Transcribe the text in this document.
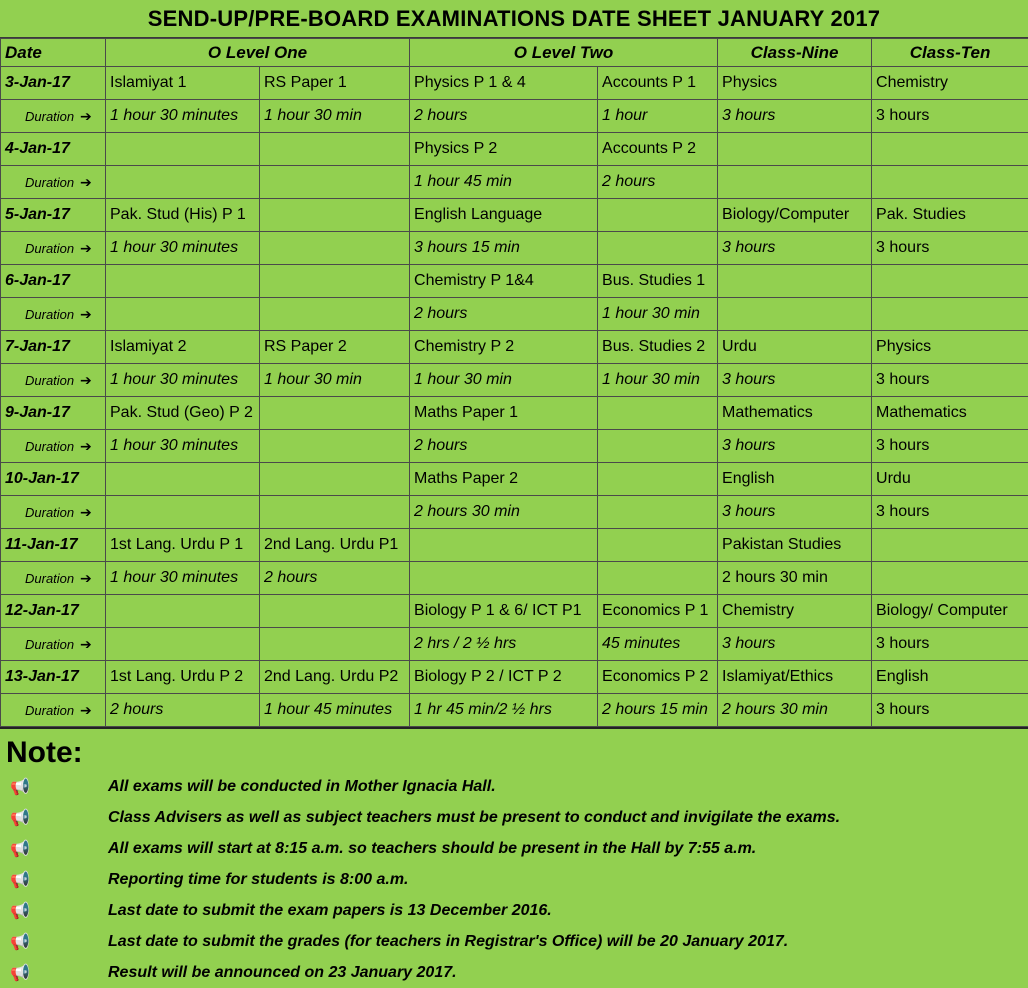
SEND-UP/PRE-BOARD EXAMINATIONS DATE SHEET JANUARY 2017
Date	O Level One		O Level Two		Class-Nine	Class-Ten
3-Jan-17	Islamiyat 1	RS Paper 1	Physics P 1 & 4	Accounts P 1	Physics	Chemistry
Duration ➔	1 hour 30 minutes	1 hour 30 min	2 hours	1 hour	3 hours	3 hours
4-Jan-17			Physics P 2	Accounts P 2		
Duration ➔			1 hour 45 min	2 hours		
5-Jan-17	Pak. Stud (His) P 1		English Language		Biology/Computer	Pak. Studies
Duration ➔	1 hour 30 minutes		3 hours 15 min		3 hours	3 hours
6-Jan-17			Chemistry P 1&4	Bus. Studies 1		
Duration ➔			2 hours	1 hour 30 min		
7-Jan-17	Islamiyat 2	RS Paper 2	Chemistry P 2	Bus. Studies 2	Urdu	Physics
Duration ➔	1 hour 30 minutes	1 hour 30 min	1 hour 30 min	1 hour 30 min	3 hours	3 hours
9-Jan-17	Pak. Stud (Geo) P 2		Maths Paper 1		Mathematics	Mathematics
Duration ➔	1 hour 30 minutes		2 hours		3 hours	3 hours
10-Jan-17			Maths Paper 2		English	Urdu
Duration ➔			2 hours 30 min		3 hours	3 hours
11-Jan-17	1st Lang. Urdu P 1	2nd Lang. Urdu P1			Pakistan Studies	
Duration ➔	1 hour 30 minutes	2 hours			2 hours 30 min	
12-Jan-17			Biology P 1 & 6/ ICT P1	Economics P 1	Chemistry	Biology/ Computer
Duration ➔			2 hrs / 2 ½ hrs	45 minutes	3 hours	3 hours
13-Jan-17	1st Lang. Urdu P 2	2nd Lang. Urdu P2	Biology P 2 / ICT P 2	Economics P 2	Islamiyat/Ethics	English
Duration ➔	2 hours	1 hour 45 minutes	1 hr 45 min/2 ½ hrs	2 hours 15 min	2 hours 30 min	3 hours
Note:
📢	All exams will be conducted in Mother Ignacia Hall.
📢	Class Advisers as well as subject teachers must be present to conduct and invigilate the exams.
📢	All exams will start at 8:15 a.m. so teachers should be present in the Hall by 7:55 a.m.
📢	Reporting time for students is 8:00 a.m.
📢	Last date to submit the exam papers is 13 December 2016.
📢	Last date to submit the grades (for teachers in Registrar's Office) will be 20 January 2017.
📢	Result will be announced on 23 January 2017.
